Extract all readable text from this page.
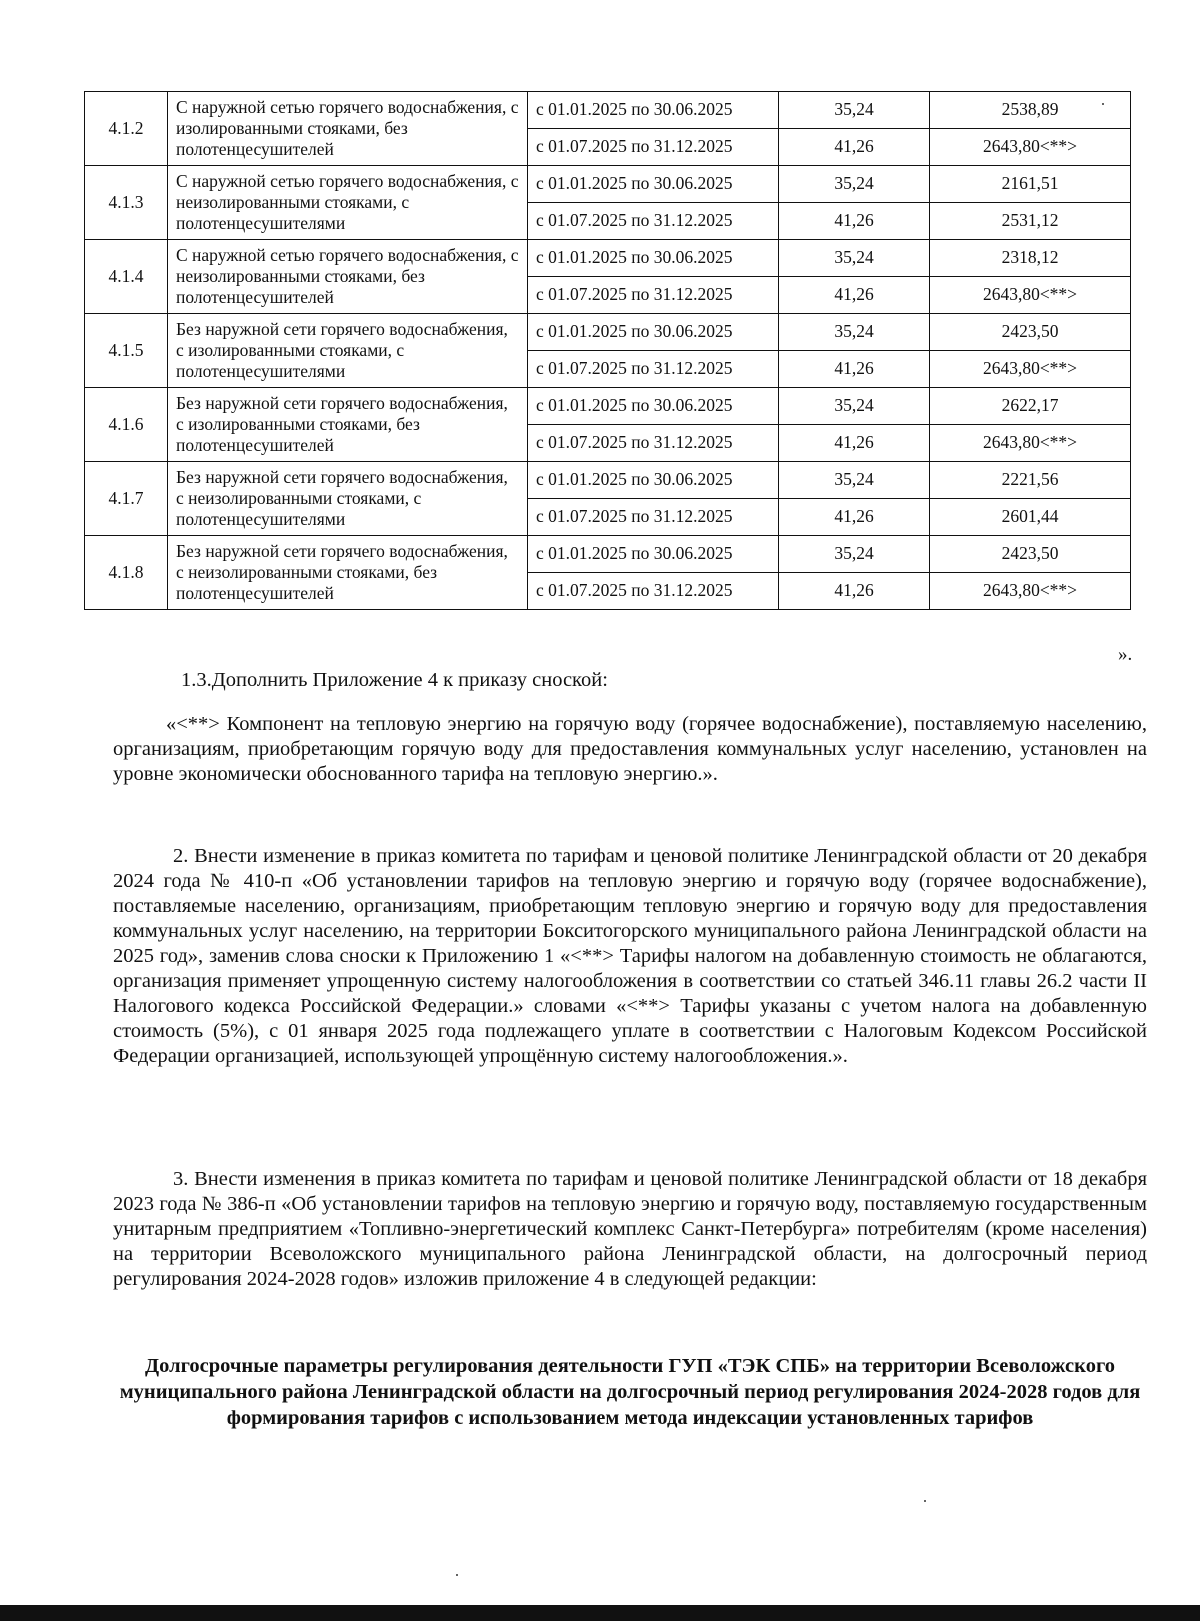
4.1.2	С наружной сетью горячего водоснабжения, с изолированными стояками, без полотенцесушителей	с 01.01.2025 по 30.06.2025	35,24	2538,89
		с 01.07.2025 по 31.12.2025	41,26	2643,80<**>
4.1.3	С наружной сетью горячего водоснабжения, с неизолированными стояками, с полотенцесушителями	с 01.01.2025 по 30.06.2025	35,24	2161,51
		с 01.07.2025 по 31.12.2025	41,26	2531,12
4.1.4	С наружной сетью горячего водоснабжения, с неизолированными стояками, без полотенцесушителей	с 01.01.2025 по 30.06.2025	35,24	2318,12
		с 01.07.2025 по 31.12.2025	41,26	2643,80<**>
4.1.5	Без наружной сети горячего водоснабжения, с изолированными стояками, с полотенцесушителями	с 01.01.2025 по 30.06.2025	35,24	2423,50
		с 01.07.2025 по 31.12.2025	41,26	2643,80<**>
4.1.6	Без наружной сети горячего водоснабжения, с изолированными стояками, без полотенцесушителей	с 01.01.2025 по 30.06.2025	35,24	2622,17
		с 01.07.2025 по 31.12.2025	41,26	2643,80<**>
4.1.7	Без наружной сети горячего водоснабжения, с неизолированными стояками, с полотенцесушителями	с 01.01.2025 по 30.06.2025	35,24	2221,56
		с 01.07.2025 по 31.12.2025	41,26	2601,44
4.1.8	Без наружной сети горячего водоснабжения, с неизолированными стояками, без полотенцесушителей	с 01.01.2025 по 30.06.2025	35,24	2423,50
		с 01.07.2025 по 31.12.2025	41,26	2643,80<**>
».

1.3.Дополнить Приложение 4 к приказу сноской:

«<**> Компонент на тепловую энергию на горячую воду (горячее водоснабжение), поставляемую населению, организациям, приобретающим горячую воду для предоставления коммунальных услуг населению, установлен на уровне экономически обоснованного тарифа на тепловую энергию.».

2. Внести изменение в приказ комитета по тарифам и ценовой политике Ленинградской области от 20 декабря 2024 года № 410-п «Об установлении тарифов на тепловую энергию и горячую воду (горячее водоснабжение), поставляемые населению, организациям, приобретающим тепловую энергию и горячую воду для предоставления коммунальных услуг населению, на территории Бокситогорского муниципального района Ленинградской области на 2025 год», заменив слова сноски к Приложению 1 «<**> Тарифы налогом на добавленную стоимость не облагаются, организация применяет упрощенную систему налогообложения в соответствии со статьей 346.11 главы 26.2 части II Налогового кодекса Российской Федерации.» словами «<**> Тарифы указаны с учетом налога на добавленную стоимость (5%), с 01 января 2025 года подлежащего уплате в соответствии с Налоговым Кодексом Российской Федерации организацией, использующей упрощённую систему налогообложения.».

3. Внести изменения в приказ комитета по тарифам и ценовой политике Ленинградской области от 18 декабря 2023 года № 386-п «Об установлении тарифов на тепловую энергию и горячую воду, поставляемую государственным унитарным предприятием «Топливно-энергетический комплекс Санкт-Петербурга» потребителям (кроме населения) на территории Всеволожского муниципального района Ленинградской области, на долгосрочный период регулирования 2024-2028 годов» изложив приложение 4 в следующей редакции:

Долгосрочные параметры регулирования деятельности ГУП «ТЭК СПБ» на территории Всеволожского муниципального района Ленинградской области на долгосрочный период регулирования 2024-2028 годов для формирования тарифов с использованием метода индексации установленных тарифов
